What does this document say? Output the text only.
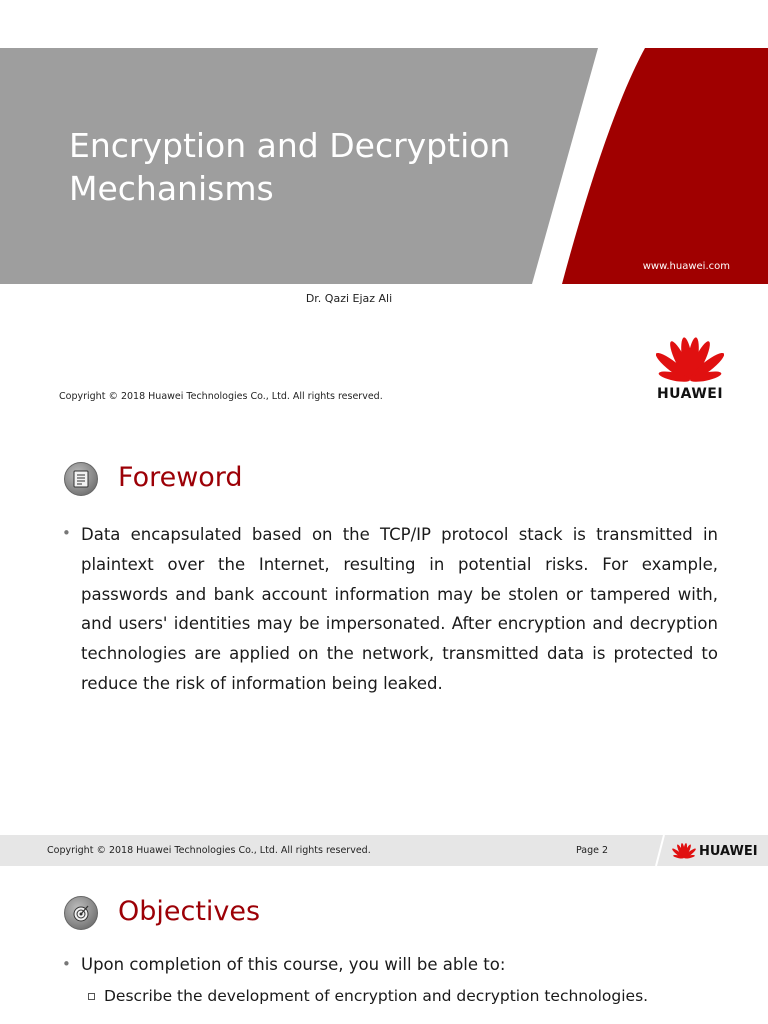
Encryption and Decryption Mechanisms
www.huawei.com
Dr. Qazi Ejaz Ali
Copyright © 2018 Huawei Technologies Co., Ltd. All rights reserved.	HUAWEI
Foreword
• Data encapsulated based on the TCP/IP protocol stack is transmitted in plaintext over the Internet, resulting in potential risks. For example, passwords and bank account information may be stolen or tampered with, and users' identities may be impersonated. After encryption and decryption technologies are applied on the network, transmitted data is protected to reduce the risk of information being leaked.
Copyright © 2018 Huawei Technologies Co., Ltd. All rights reserved.	Page 2	HUAWEI
Objectives
• Upon completion of this course, you will be able to:
Describe the development of encryption and decryption technologies.
